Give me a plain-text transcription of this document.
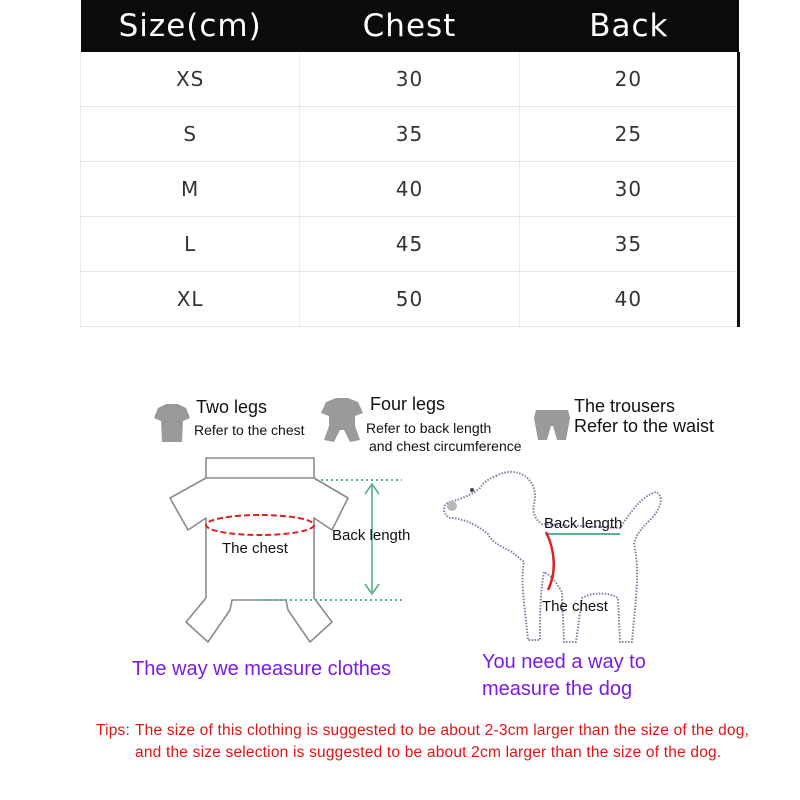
Size(cm)	Chest	Back
XS	30	20
S	35	25
M	40	30
L	45	35
XL	50	40
Two legs
Refer to the chest
Four legs
Refer to back length
and chest circumference
The trousers
Refer to the waist
The chest
Back length
The way we measure clothes
Back length
The chest
You need a way to
measure the dog
Tips: The size of this clothing is suggested to be about 2-3cm larger than the size of the dog, and the size selection is suggested to be about 2cm larger than the size of the dog.
